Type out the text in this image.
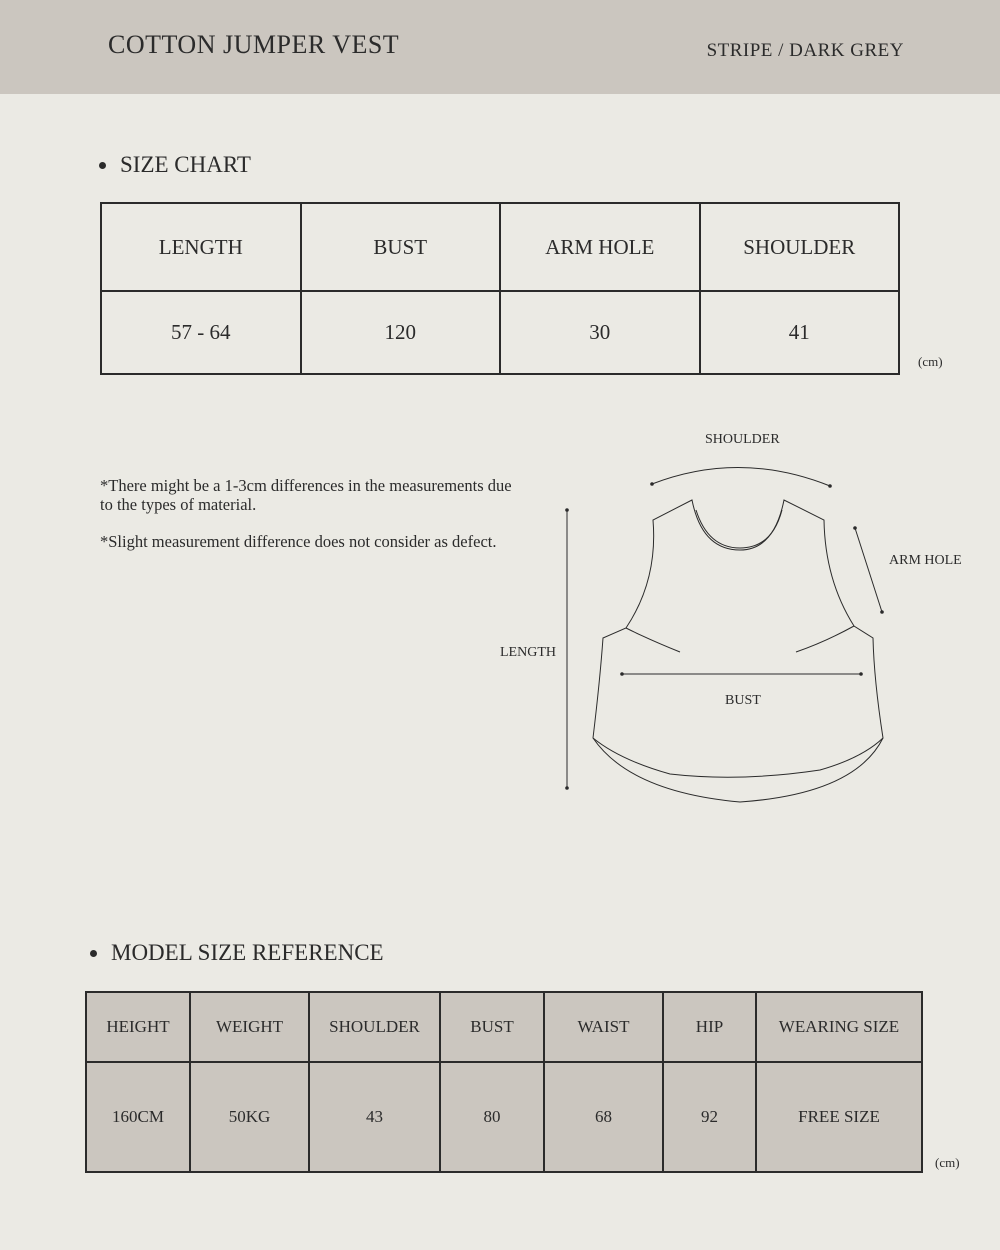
COTTON JUMPER VEST	STRIPE / DARK GREY
SIZE CHART
LENGTH	BUST	ARM HOLE	SHOULDER
57 - 64	120	30	41
(cm)
*There might be a 1-3cm differences in the measurements due to the types of material.
*Slight measurement difference does not consider as defect.
SHOULDER
ARM HOLE
LENGTH
BUST
MODEL SIZE REFERENCE
HEIGHT	WEIGHT	SHOULDER	BUST	WAIST	HIP	WEARING SIZE
160CM	50KG	43	80	68	92	FREE SIZE
(cm)
